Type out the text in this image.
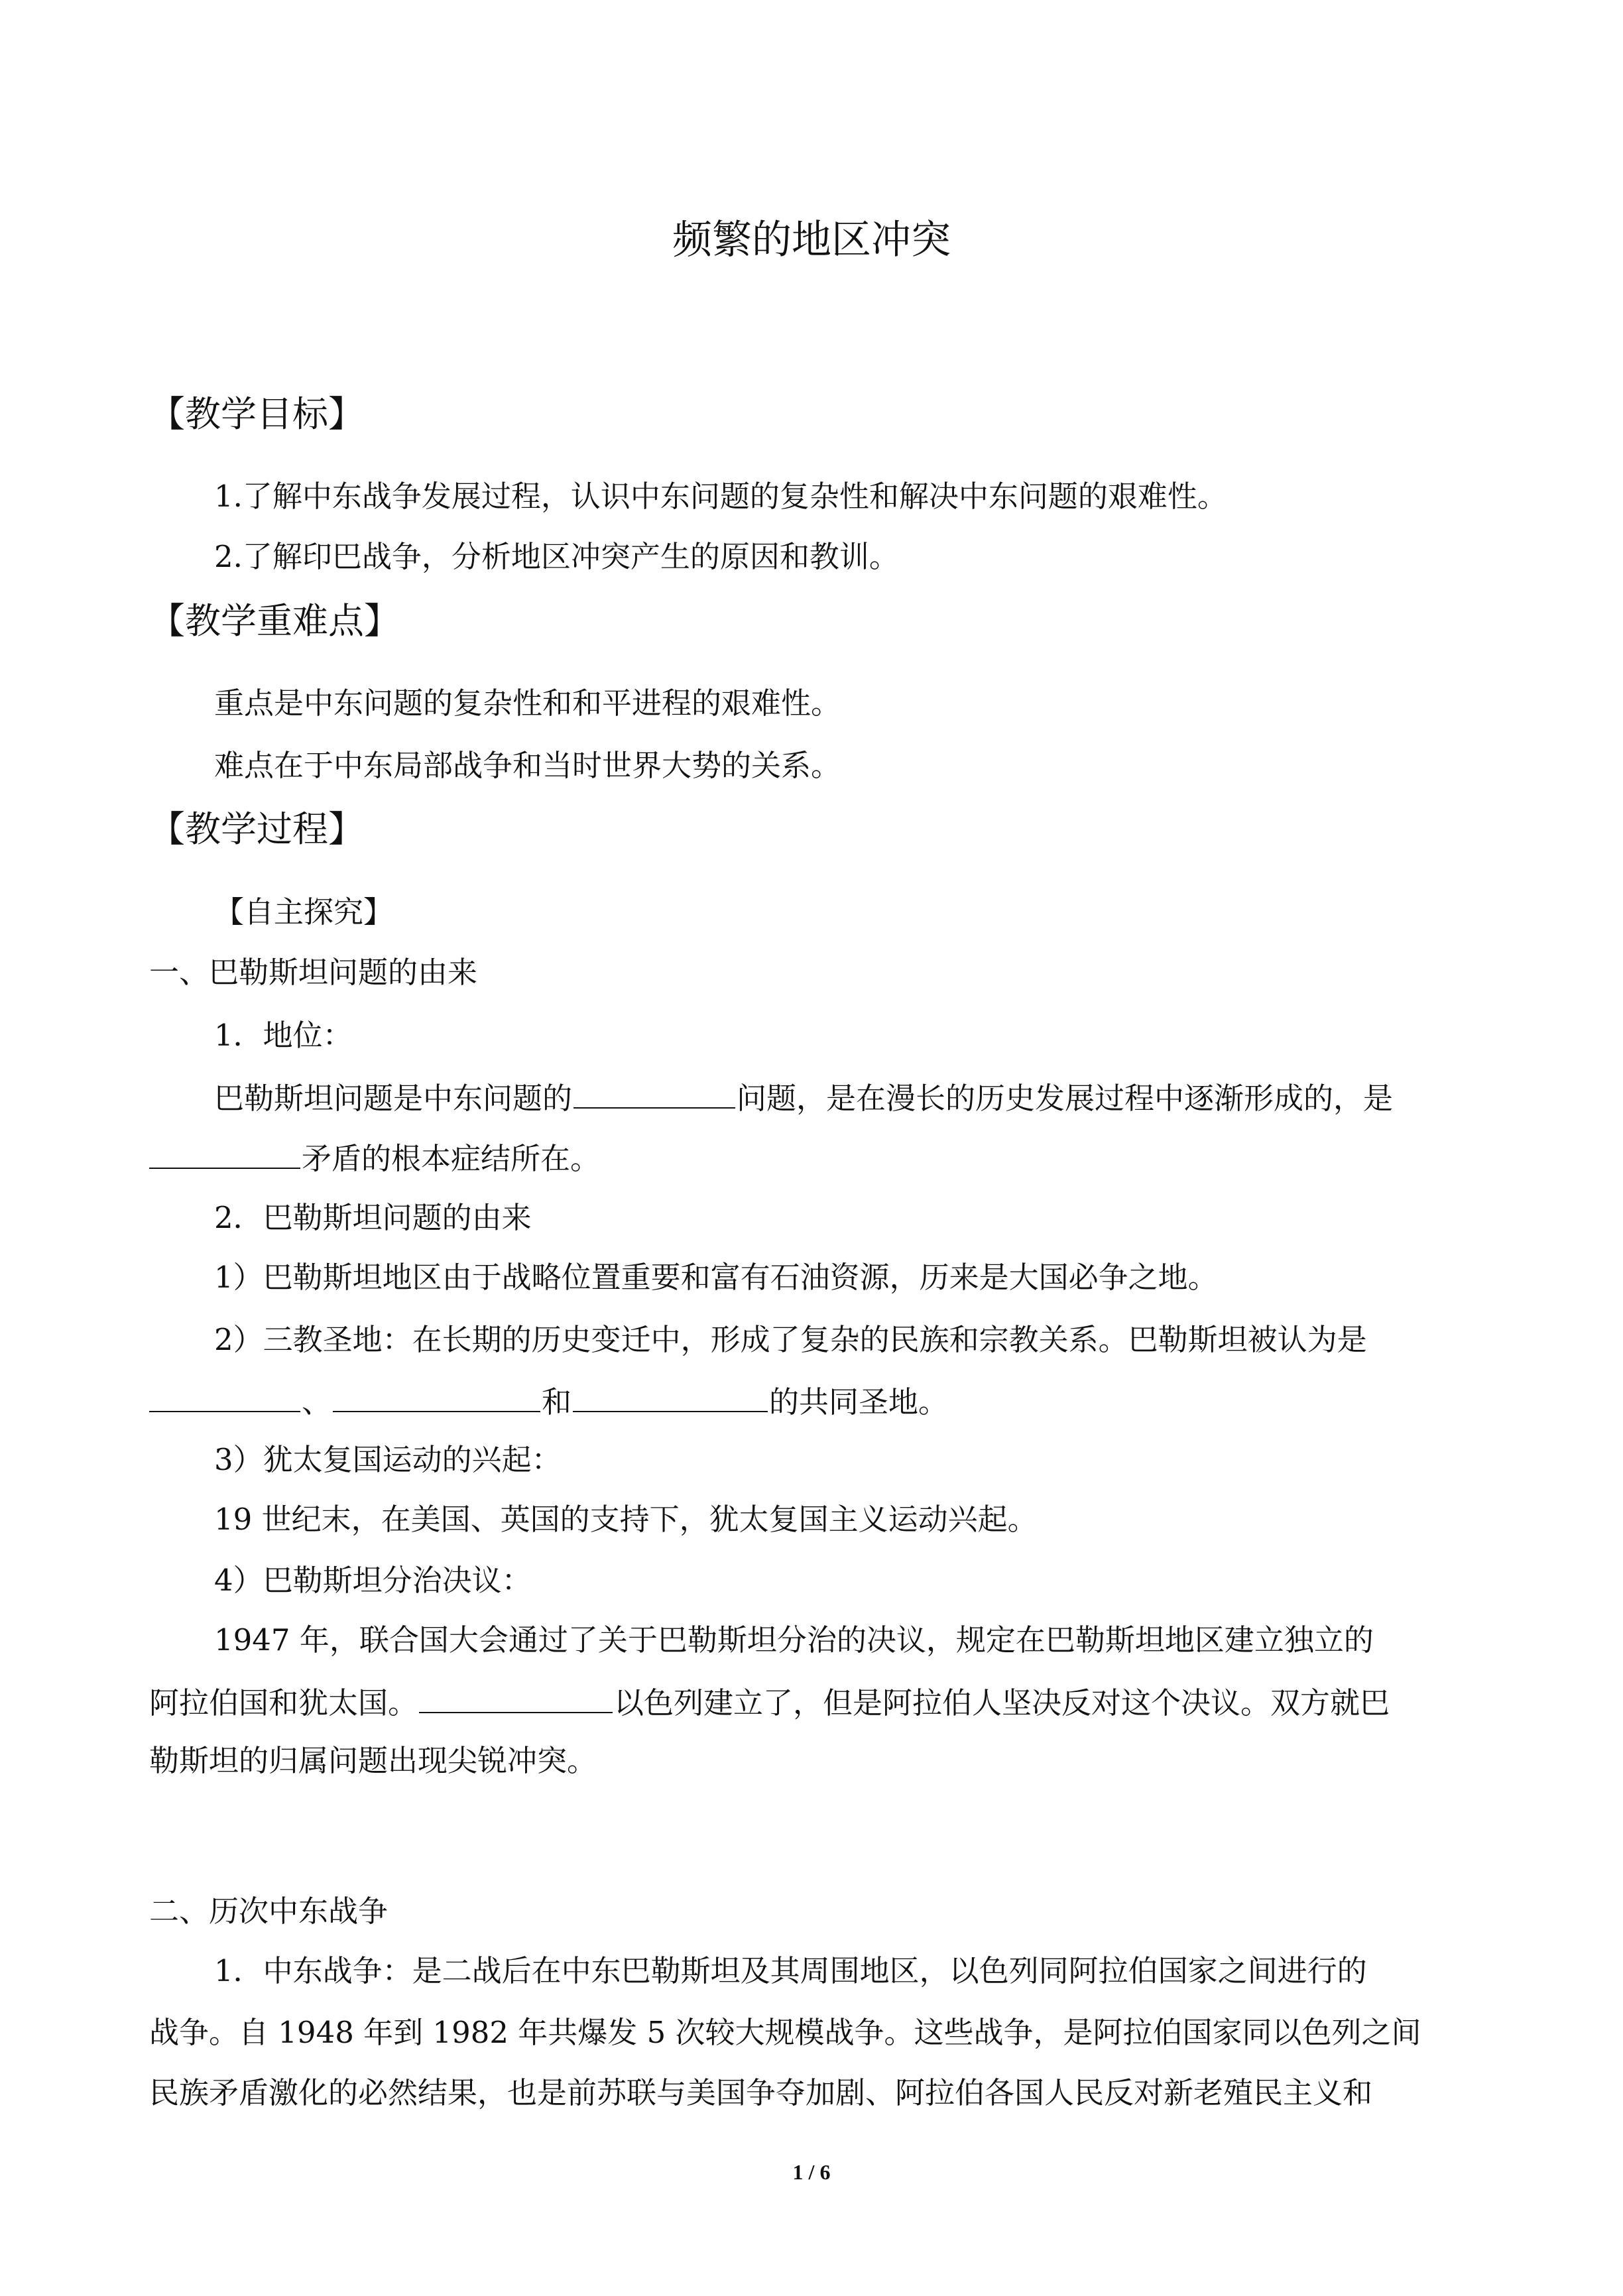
频繁的地区冲突
【教学目标】
1.了解中东战争发展过程，认识中东问题的复杂性和解决中东问题的艰难性。
2.了解印巴战争，分析地区冲突产生的原因和教训。
【教学重难点】
重点是中东问题的复杂性和和平进程的艰难性。
难点在于中东局部战争和当时世界大势的关系。
【教学过程】
【自主探究】
一、巴勒斯坦问题的由来
1．地位：
巴勒斯坦问题是中东问题的	问题，是在漫长的历史发展过程中逐渐形成的，是
矛盾的根本症结所在。
2．巴勒斯坦问题的由来
1）巴勒斯坦地区由于战略位置重要和富有石油资源，历来是大国必争之地。
2）三教圣地：在长期的历史变迁中，形成了复杂的民族和宗教关系。巴勒斯坦被认为是
、	和	的共同圣地。
3）犹太复国运动的兴起：
19 世纪末，在美国、英国的支持下，犹太复国主义运动兴起。
4）巴勒斯坦分治决议：
1947 年，联合国大会通过了关于巴勒斯坦分治的决议，规定在巴勒斯坦地区建立独立的
阿拉伯国和犹太国。	以色列建立了，但是阿拉伯人坚决反对这个决议。双方就巴
勒斯坦的归属问题出现尖锐冲突。
二、历次中东战争
1．中东战争：是二战后在中东巴勒斯坦及其周围地区，以色列同阿拉伯国家之间进行的
战争。自 1948 年到 1982 年共爆发 5 次较大规模战争。这些战争，是阿拉伯国家同以色列之间
民族矛盾激化的必然结果，也是前苏联与美国争夺加剧、阿拉伯各国人民反对新老殖民主义和
1 / 6
